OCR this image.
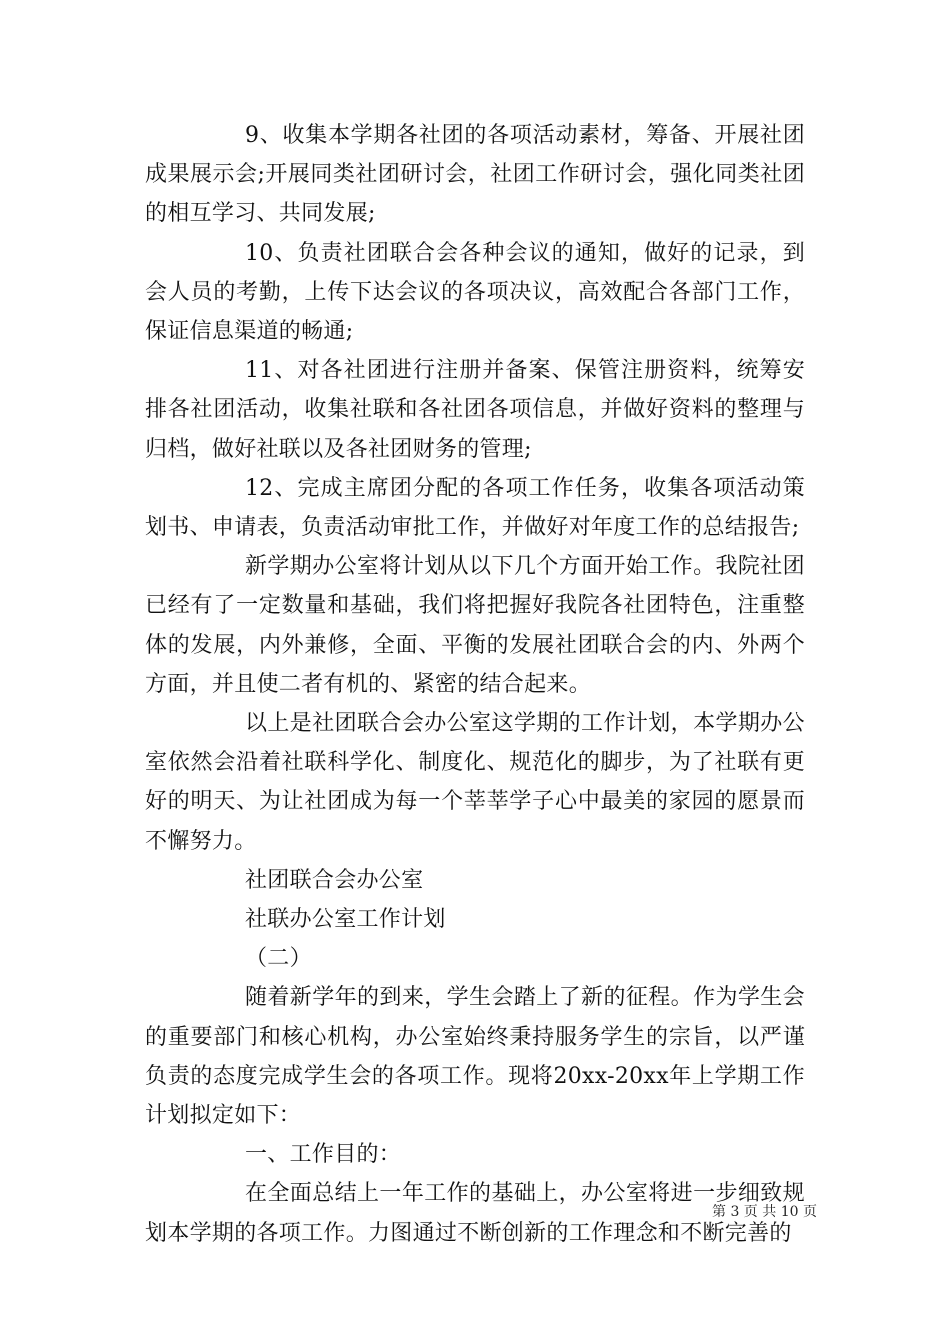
9、收集本学期各社团的各项活动素材，筹备、开展社团成果展示会;开展同类社团研讨会，社团工作研讨会，强化同类社团的相互学习、共同发展;

10、负责社团联合会各种会议的通知，做好的记录，到会人员的考勤，上传下达会议的各项决议，高效配合各部门工作，保证信息渠道的畅通;

11、对各社团进行注册并备案、保管注册资料，统筹安排各社团活动，收集社联和各社团各项信息，并做好资料的整理与归档，做好社联以及各社团财务的管理;

12、完成主席团分配的各项工作任务，收集各项活动策划书、申请表，负责活动审批工作，并做好对年度工作的总结报告;

新学期办公室将计划从以下几个方面开始工作。我院社团已经有了一定数量和基础，我们将把握好我院各社团特色，注重整体的发展，内外兼修，全面、平衡的发展社团联合会的内、外两个方面，并且使二者有机的、紧密的结合起来。

以上是社团联合会办公室这学期的工作计划，本学期办公室依然会沿着社联科学化、制度化、规范化的脚步，为了社联有更好的明天、为让社团成为每一个莘莘学子心中最美的家园的愿景而不懈努力。

社团联合会办公室

社联办公室工作计划

（二）

随着新学年的到来，学生会踏上了新的征程。作为学生会的重要部门和核心机构，办公室始终秉持服务学生的宗旨，以严谨负责的态度完成学生会的各项工作。现将20xx-20xx年上学期工作计划拟定如下：

一、工作目的：

在全面总结上一年工作的基础上，办公室将进一步细致规划本学期的各项工作。力图通过不断创新的工作理念和不断完善的

第 3 页 共 10 页
